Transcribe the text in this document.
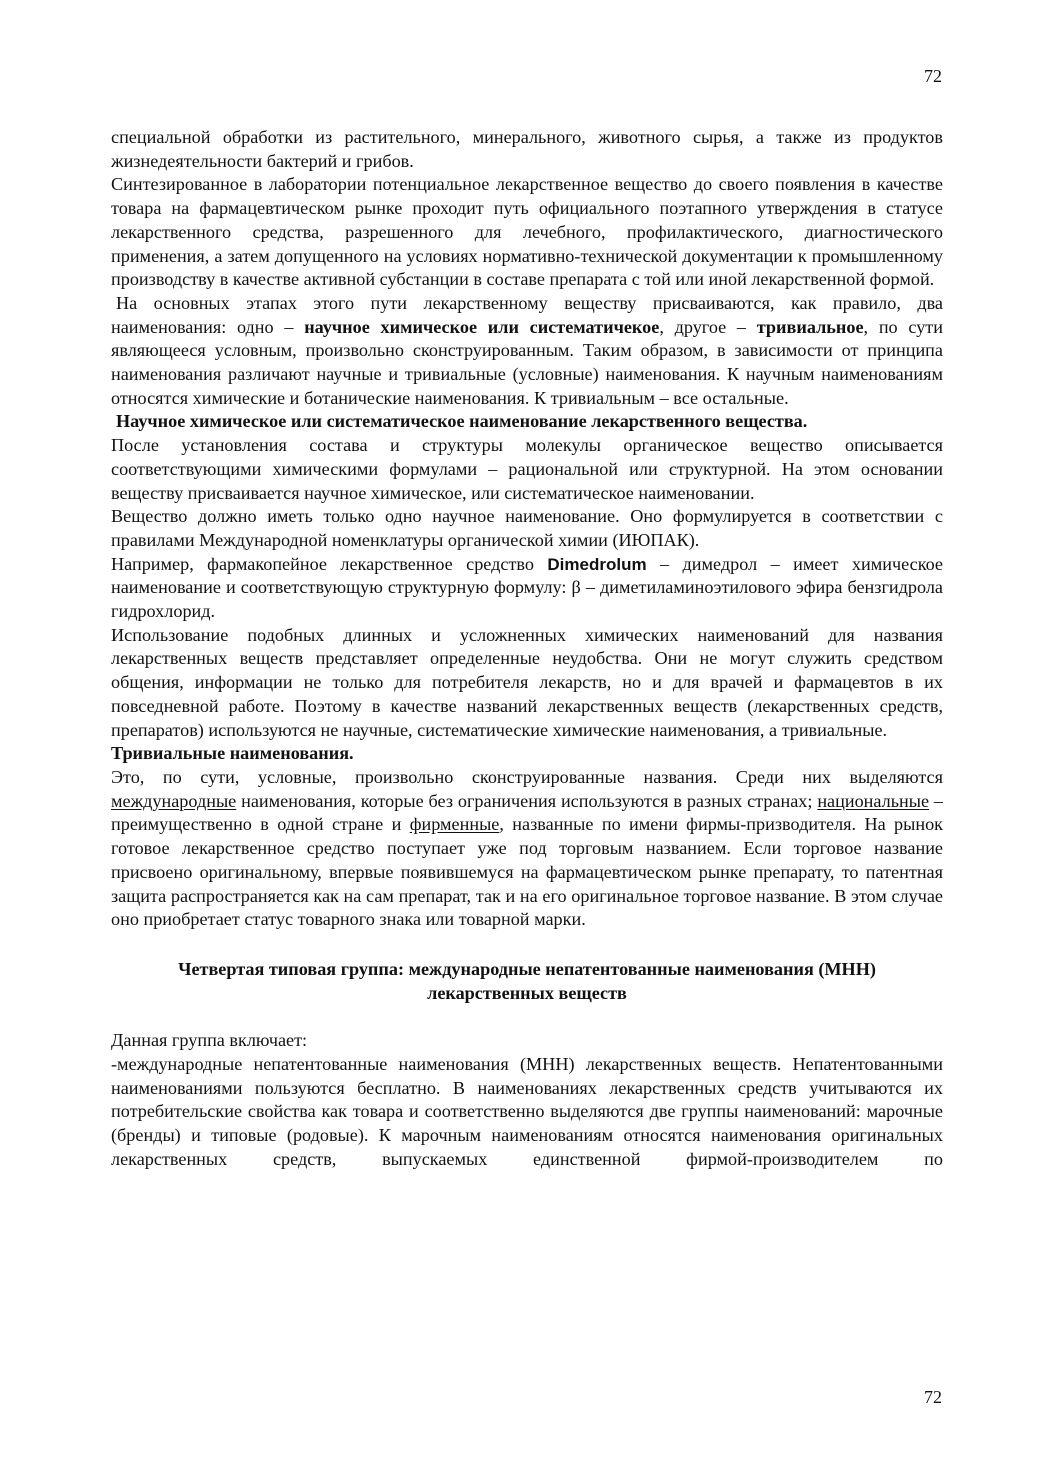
72

специальной обработки из растительного, минерального, животного сырья, а также из продуктов жизнедеятельности бактерий и грибов.

Синтезированное в лаборатории потенциальное лекарственное вещество до своего появления в качестве товара на фармацевтическом рынке проходит путь официального поэтапного утверждения в статусе лекарственного средства, разрешенного для лечебного, профилактического, диагностического применения, а затем допущенного на условиях нормативно-технической документации к промышленному производству в качестве активной субстанции в составе препарата с той или иной лекарственной формой.

На основных этапах этого пути лекарственному веществу присваиваются, как правило, два наименования: одно – научное химическое или систематичекое, другое – тривиальное, по сути являющееся условным, произвольно сконструированным. Таким образом, в зависимости от принципа наименования различают научные и тривиальные (условные) наименования. К научным наименованиям относятся химические и ботанические наименования. К тривиальным – все остальные.

Научное химическое или систематическое наименование лекарственного вещества.

После установления состава и структуры молекулы органическое вещество описывается соответствующими химическими формулами – рациональной или структурной. На этом основании веществу присваивается научное химическое, или систематическое наименовании.

Вещество должно иметь только одно научное наименование. Оно формулируется в соответствии с правилами Международной номенклатуры органической химии (ИЮПАК).

Например, фармакопейное лекарственное средство Dimedrolum – димедрол – имеет химическое наименование и соответствующую структурную формулу: β – диметиламиноэтилового эфира бензгидрола гидрохлорид.

Использование подобных длинных и усложненных химических наименований для названия лекарственных веществ представляет определенные неудобства. Они не могут служить средством общения, информации не только для потребителя лекарств, но и для врачей и фармацевтов в их повседневной работе. Поэтому в качестве названий лекарственных веществ (лекарственных средств, препаратов) используются не научные, систематические химические наименования, а тривиальные.

Тривиальные наименования.

Это, по сути, условные, произвольно сконструированные названия. Среди них выделяются международные наименования, которые без ограничения используются в разных странах; национальные – преимущественно в одной стране и фирменные, названные по имени фирмы-призводителя. На рынок готовое лекарственное средство поступает уже под торговым названием. Если торговое название присвоено оригинальному, впервые появившемуся на фармацевтическом рынке препарату, то патентная защита распространяется как на сам препарат, так и на его оригинальное торговое название. В этом случае оно приобретает статус товарного знака или товарной марки.

Четвертая типовая группа: международные непатентованные наименования (МНН)
лекарственных веществ

Данная группа включает:

-международные непатентованные наименования (МНН) лекарственных веществ. Непатентованными наименованиями пользуются бесплатно. В наименованиях лекарственных средств учитываются их потребительские свойства как товара и соответственно выделяются две группы наименований: марочные (бренды) и типовые (родовые). К марочным наименованиям относятся наименования оригинальных лекарственных средств, выпускаемых единственной фирмой-производителем по

72
